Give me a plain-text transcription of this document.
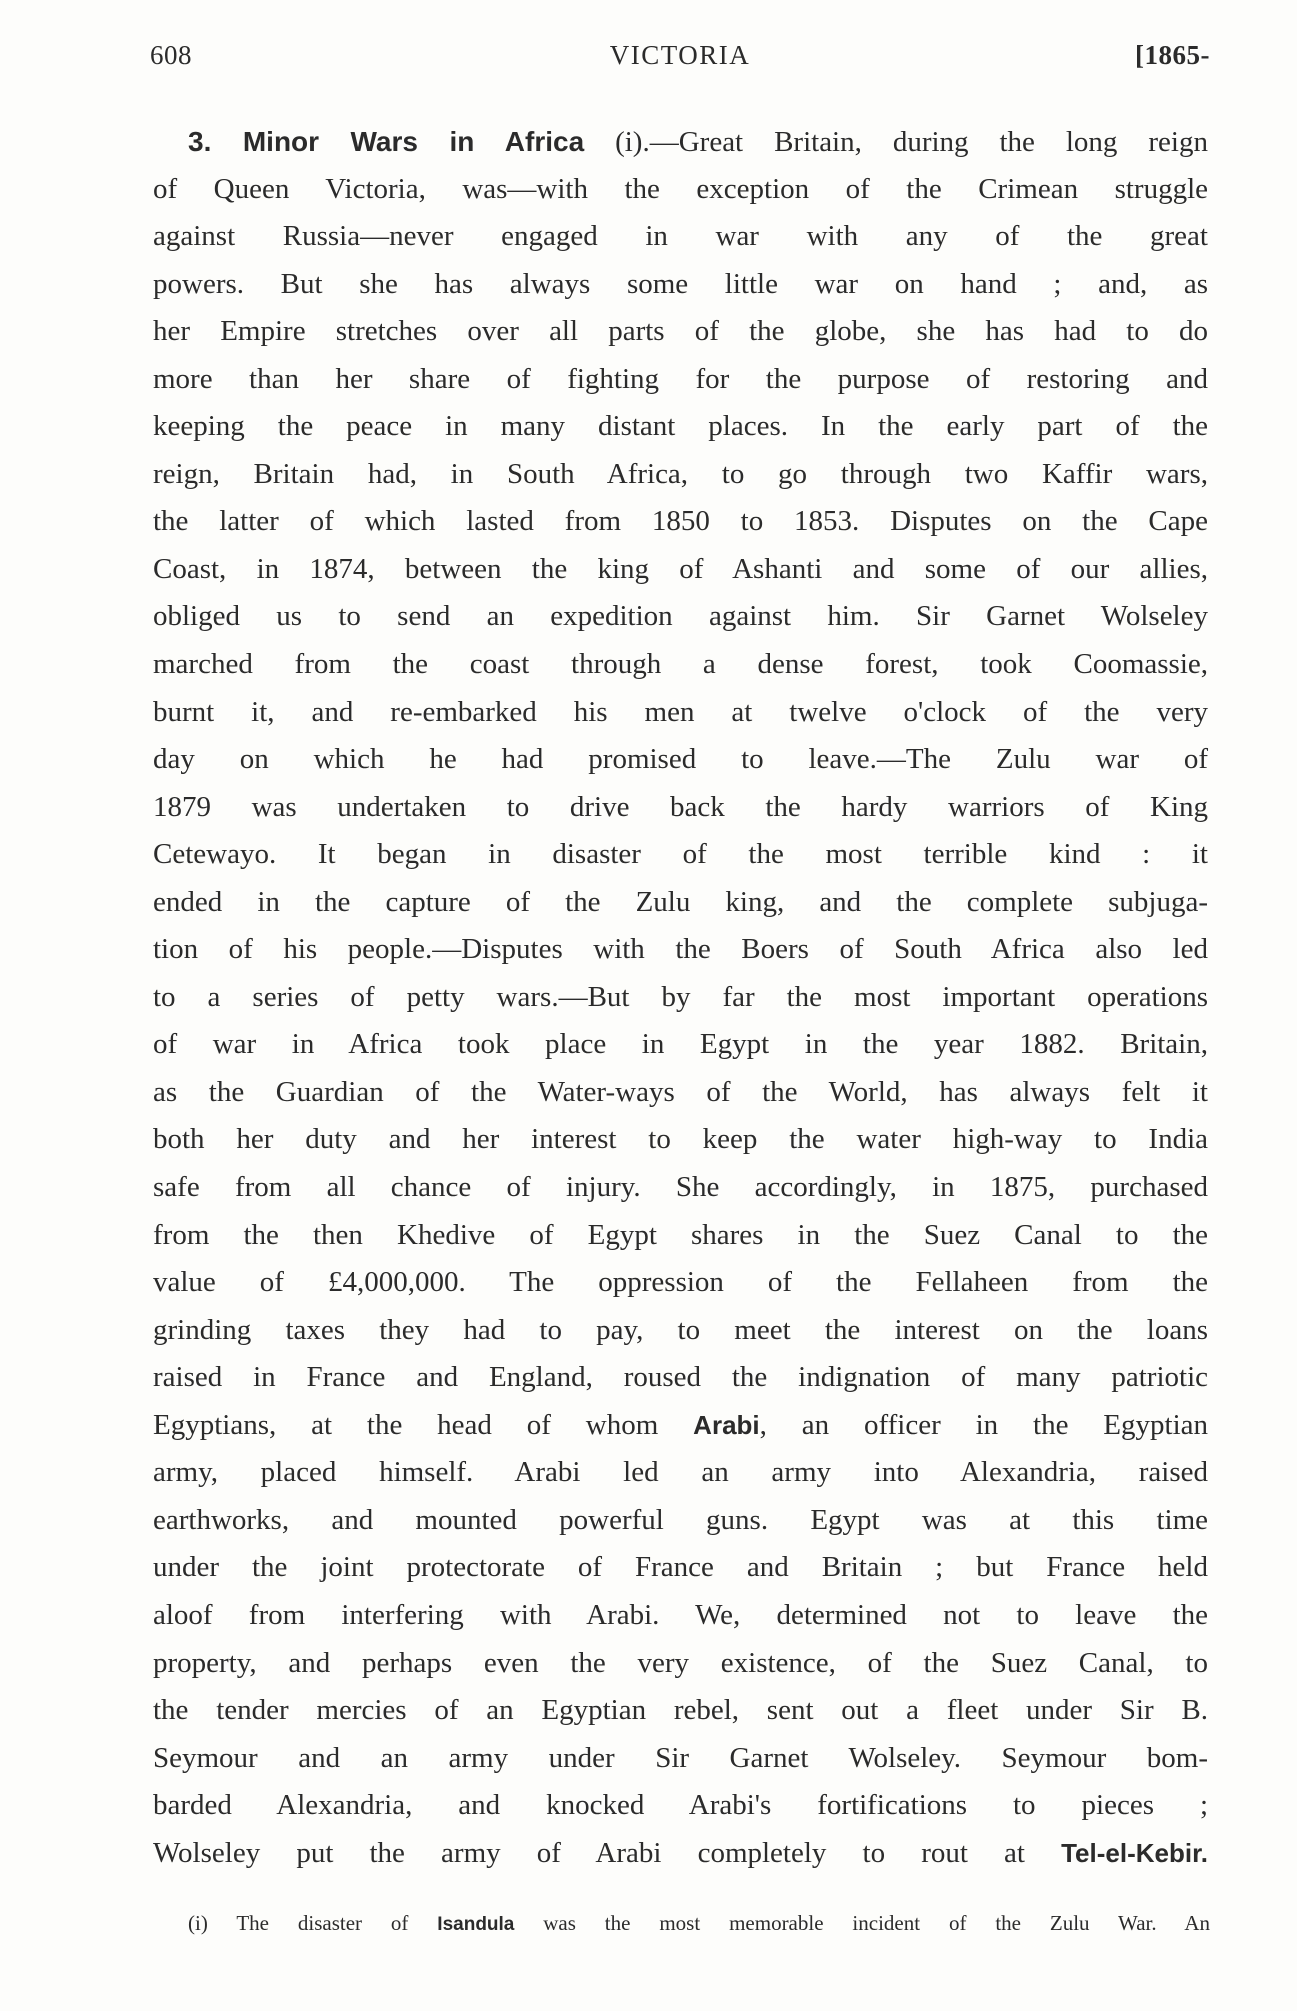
608	VICTORIA	[1865-
3. Minor Wars in Africa (i).—Great Britain, during the long reign
of Queen Victoria, was—with the exception of the Crimean struggle
against Russia—never engaged in war with any of the great
powers. But she has always some little war on hand ; and, as
her Empire stretches over all parts of the globe, she has had to do
more than her share of fighting for the purpose of restoring and
keeping the peace in many distant places. In the early part of the
reign, Britain had, in South Africa, to go through two Kaffir wars,
the latter of which lasted from 1850 to 1853. Disputes on the Cape
Coast, in 1874, between the king of Ashanti and some of our allies,
obliged us to send an expedition against him. Sir Garnet Wolseley
marched from the coast through a dense forest, took Coomassie,
burnt it, and re-embarked his men at twelve o'clock of the very
day on which he had promised to leave.—The Zulu war of
1879 was undertaken to drive back the hardy warriors of King
Cetewayo. It began in disaster of the most terrible kind : it
ended in the capture of the Zulu king, and the complete subjuga-
tion of his people.—Disputes with the Boers of South Africa also led
to a series of petty wars.—But by far the most important operations
of war in Africa took place in Egypt in the year 1882. Britain,
as the Guardian of the Water-ways of the World, has always felt it
both her duty and her interest to keep the water high-way to India
safe from all chance of injury. She accordingly, in 1875, purchased
from the then Khedive of Egypt shares in the Suez Canal to the
value of £4,000,000. The oppression of the Fellaheen from the
grinding taxes they had to pay, to meet the interest on the loans
raised in France and England, roused the indignation of many patriotic
Egyptians, at the head of whom Arabi, an officer in the Egyptian
army, placed himself. Arabi led an army into Alexandria, raised
earthworks, and mounted powerful guns. Egypt was at this time
under the joint protectorate of France and Britain ; but France held
aloof from interfering with Arabi. We, determined not to leave the
property, and perhaps even the very existence, of the Suez Canal, to
the tender mercies of an Egyptian rebel, sent out a fleet under Sir B.
Seymour and an army under Sir Garnet Wolseley. Seymour bom-
barded Alexandria, and knocked Arabi's fortifications to pieces ;
Wolseley put the army of Arabi completely to rout at Tel-el-Kebir.
(i) The disaster of Isandula was the most memorable incident of the Zulu War. An
